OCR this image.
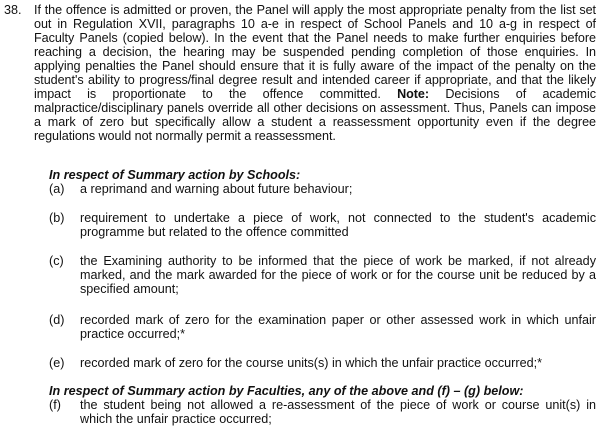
38. If the offence is admitted or proven, the Panel will apply the most appropriate penalty from the list set out in Regulation XVII, paragraphs 10 a-e in respect of School Panels and 10 a-g in respect of Faculty Panels (copied below). In the event that the Panel needs to make further enquiries before reaching a decision, the hearing may be suspended pending completion of those enquiries. In applying penalties the Panel should ensure that it is fully aware of the impact of the penalty on the student's ability to progress/final degree result and intended career if appropriate, and that the likely impact is proportionate to the offence committed. Note: Decisions of academic malpractice/disciplinary panels override all other decisions on assessment. Thus, Panels can impose a mark of zero but specifically allow a student a reassessment opportunity even if the degree regulations would not normally permit a reassessment.
In respect of Summary action by Schools:
(a) a reprimand and warning about future behaviour;
(b) requirement to undertake a piece of work, not connected to the student's academic programme but related to the offence committed
(c) the Examining authority to be informed that the piece of work be marked, if not already marked, and the mark awarded for the piece of work or for the course unit be reduced by a specified amount;
(d) recorded mark of zero for the examination paper or other assessed work in which unfair practice occurred;*
(e) recorded mark of zero for the course units(s) in which the unfair practice occurred;*
In respect of Summary action by Faculties, any of the above and (f) – (g) below:
(f) the student being not allowed a re-assessment of the piece of work or course unit(s) in which the unfair practice occurred;
